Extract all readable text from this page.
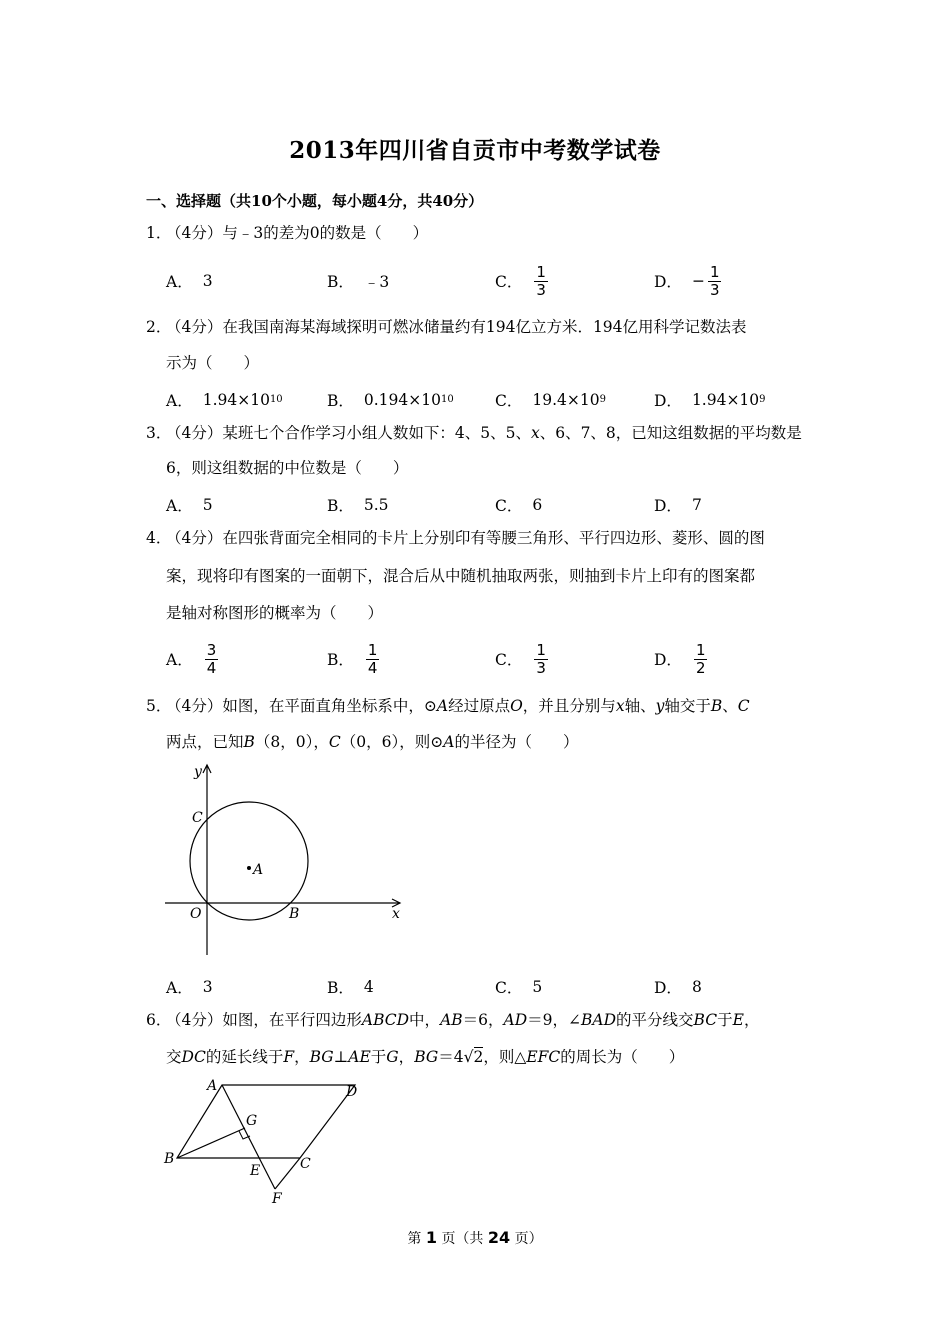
2013年四川省自贡市中考数学试卷
一、选择题（共10个小题，每小题4分，共40分）
1．（4分）与﹣3的差为0的数是（　　）
A． 3	B． ﹣3	C． $\frac{1}{3}$	D． − $\frac{1}{3}$
2．（4分）在我国南海某海域探明可燃冰储量约有194亿立方米．194亿用科学记数法表
示为（　　）
A． 1.94×10 10	B． 0.194×10 10	C． 19.4×10 9	D． 1.94×10 9
3．（4分）某班七个合作学习小组人数如下：4、5、5、x、6、7、8，已知这组数据的平均数是
6，则这组数据的中位数是（　　）
A． 5	B． 5.5	C． 6	D． 7
4．（4分）在四张背面完全相同的卡片上分别印有等腰三角形、平行四边形、菱形、圆的图
案，现将印有图案的一面朝下，混合后从中随机抽取两张，则抽到卡片上印有的图案都
是轴对称图形的概率为（　　）
A． $\frac{3}{4}$	B． $\frac{1}{4}$	C． $\frac{1}{3}$	D． $\frac{1}{2}$
5．（4分）如图，在平面直角坐标系中，⊙A经过原点O，并且分别与x轴、y轴交于B、C
两点，已知B（8，0），C（0，6），则⊙A的半径为（　　）
y
x
C
O	B
A
A． 3	B． 4	C． 5	D． 8
6．（4分）如图，在平行四边形ABCD中，AB＝6，AD＝9，∠BAD的平分线交BC于E，
交DC的延长线于F，BG⊥AE于G，BG＝4√2，则△EFC的周长为（　　）
A	D
G
B
E	C
F
第 1 页（共 24 页）
